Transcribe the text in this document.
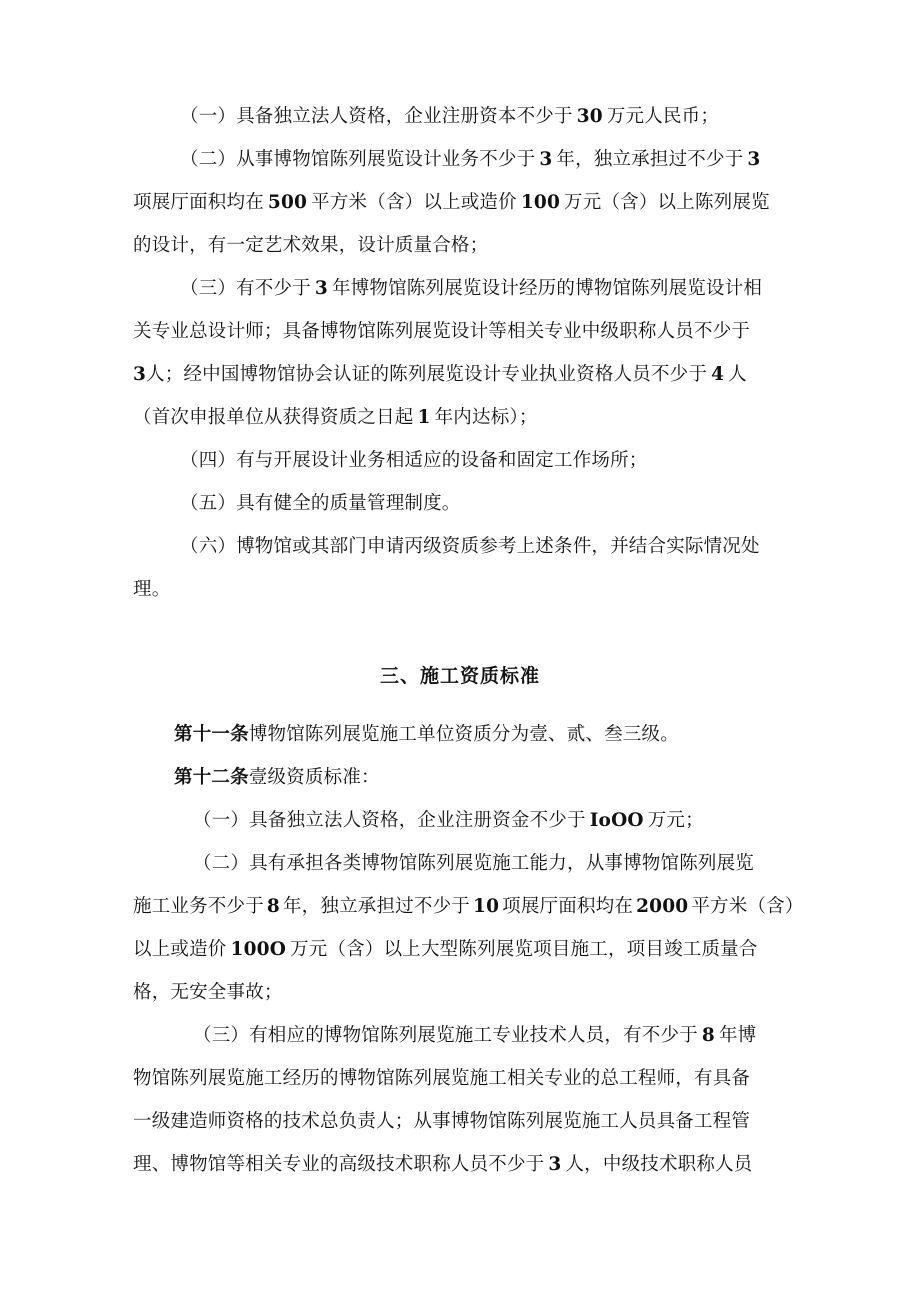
（一）具备独立法人资格，企业注册资本不少于 30 万元人民币；
（二）从事博物馆陈列展览设计业务不少于 3 年，独立承担过不少于 3
项展厅面积均在 500 平方米（含）以上或造价 100 万元（含）以上陈列展览
的设计，有一定艺术效果，设计质量合格；
（三）有不少于 3 年博物馆陈列展览设计经历的博物馆陈列展览设计相
关专业总设计师；具备博物馆陈列展览设计等相关专业中级职称人员不少于
3人；经中国博物馆协会认证的陈列展览设计专业执业资格人员不少于 4 人
（首次申报单位从获得资质之日起 1 年内达标）；
（四）有与开展设计业务相适应的设备和固定工作场所；
（五）具有健全的质量管理制度。
（六）博物馆或其部门申请丙级资质参考上述条件，并结合实际情况处
理。
三、施工资质标准
第十一条博物馆陈列展览施工单位资质分为壹、贰、叁三级。
第十二条壹级资质标准：
（一）具备独立法人资格，企业注册资金不少于 IoOO 万元；
（二）具有承担各类博物馆陈列展览施工能力，从事博物馆陈列展览
施工业务不少于 8 年，独立承担过不少于 10 项展厅面积均在 2000 平方米（含）
以上或造价 100O 万元（含）以上大型陈列展览项目施工，项目竣工质量合
格，无安全事故；
（三）有相应的博物馆陈列展览施工专业技术人员，有不少于 8 年博
物馆陈列展览施工经历的博物馆陈列展览施工相关专业的总工程师，有具备
一级建造师资格的技术总负责人；从事博物馆陈列展览施工人员具备工程管
理、博物馆等相关专业的高级技术职称人员不少于 3 人，中级技术职称人员
